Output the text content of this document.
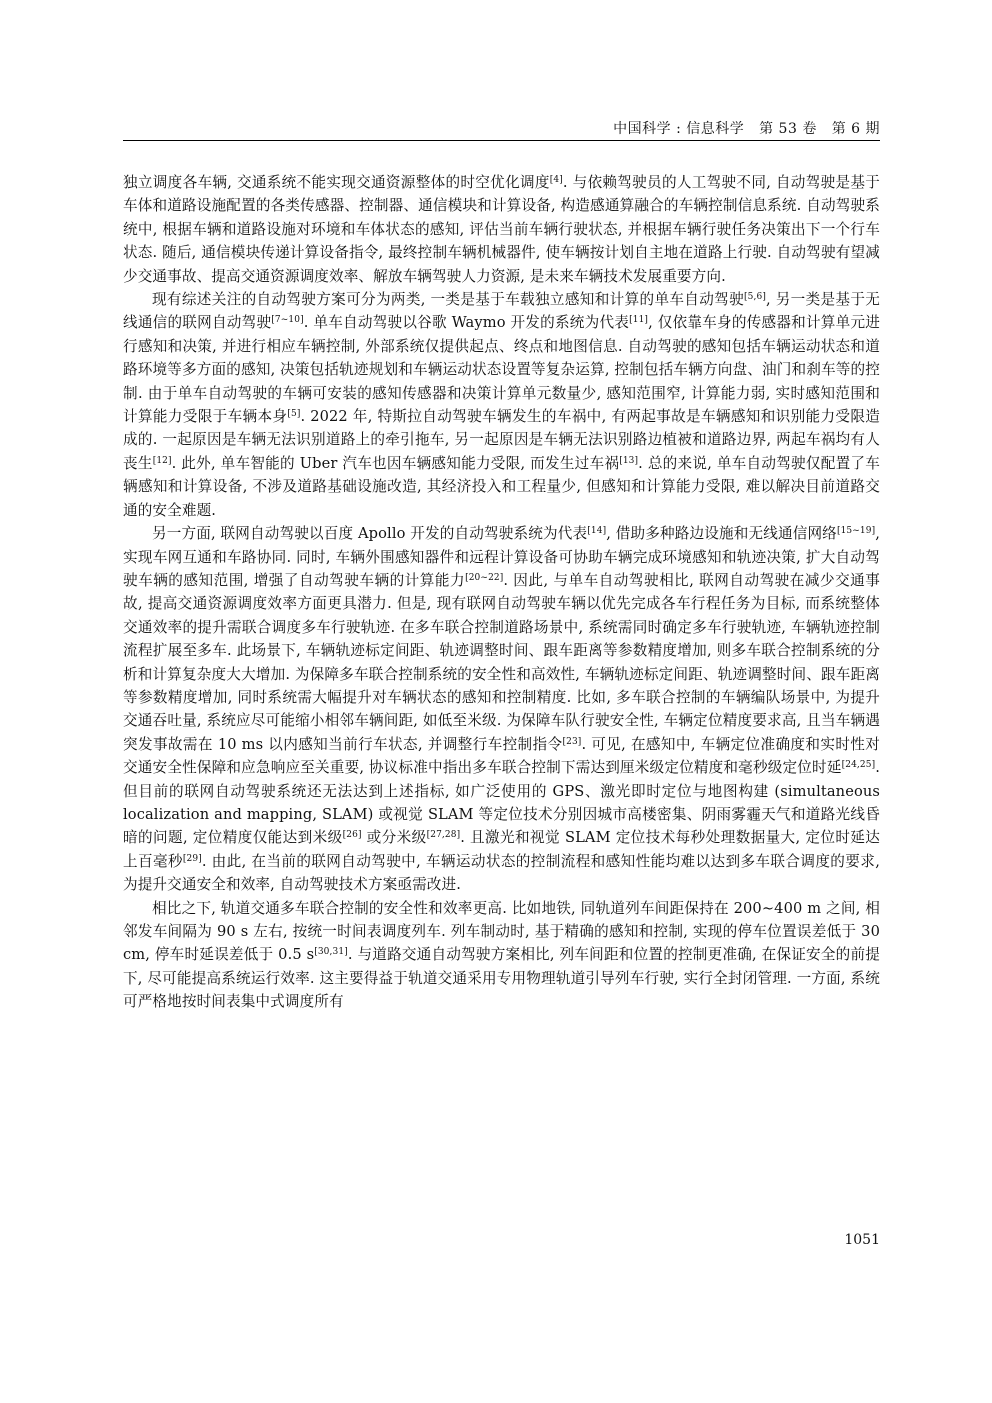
中国科学 : 信息科学 第 53 卷 第 6 期

独立调度各车辆, 交通系统不能实现交通资源整体的时空优化调度[4]. 与依赖驾驶员的人工驾驶不同, 自动驾驶是基于车体和道路设施配置的各类传感器、控制器、通信模块和计算设备, 构造感通算融合的车辆控制信息系统. 自动驾驶系统中, 根据车辆和道路设施对环境和车体状态的感知, 评估当前车辆行驶状态, 并根据车辆行驶任务决策出下一个行车状态. 随后, 通信模块传递计算设备指令, 最终控制车辆机械器件, 使车辆按计划自主地在道路上行驶. 自动驾驶有望减少交通事故、提高交通资源调度效率、解放车辆驾驶人力资源, 是未来车辆技术发展重要方向.

现有综述关注的自动驾驶方案可分为两类, 一类是基于车载独立感知和计算的单车自动驾驶[5,6], 另一类是基于无线通信的联网自动驾驶[7~10]. 单车自动驾驶以谷歌 Waymo 开发的系统为代表[11], 仅依靠车身的传感器和计算单元进行感知和决策, 并进行相应车辆控制, 外部系统仅提供起点、终点和地图信息. 自动驾驶的感知包括车辆运动状态和道路环境等多方面的感知, 决策包括轨迹规划和车辆运动状态设置等复杂运算, 控制包括车辆方向盘、油门和刹车等的控制. 由于单车自动驾驶的车辆可安装的感知传感器和决策计算单元数量少, 感知范围窄, 计算能力弱, 实时感知范围和计算能力受限于车辆本身[5]. 2022 年, 特斯拉自动驾驶车辆发生的车祸中, 有两起事故是车辆感知和识别能力受限造成的. 一起原因是车辆无法识别道路上的牵引拖车, 另一起原因是车辆无法识别路边植被和道路边界, 两起车祸均有人丧生[12]. 此外, 单车智能的 Uber 汽车也因车辆感知能力受限, 而发生过车祸[13]. 总的来说, 单车自动驾驶仅配置了车辆感知和计算设备, 不涉及道路基础设施改造, 其经济投入和工程量少, 但感知和计算能力受限, 难以解决目前道路交通的安全难题.

另一方面, 联网自动驾驶以百度 Apollo 开发的自动驾驶系统为代表[14], 借助多种路边设施和无线通信网络[15~19], 实现车网互通和车路协同. 同时, 车辆外围感知器件和远程计算设备可协助车辆完成环境感知和轨迹决策, 扩大自动驾驶车辆的感知范围, 增强了自动驾驶车辆的计算能力[20~22]. 因此, 与单车自动驾驶相比, 联网自动驾驶在减少交通事故, 提高交通资源调度效率方面更具潜力. 但是, 现有联网自动驾驶车辆以优先完成各车行程任务为目标, 而系统整体交通效率的提升需联合调度多车行驶轨迹. 在多车联合控制道路场景中, 系统需同时确定多车行驶轨迹, 车辆轨迹控制流程扩展至多车. 此场景下, 车辆轨迹标定间距、轨迹调整时间、跟车距离等参数精度增加, 则多车联合控制系统的分析和计算复杂度大大增加. 为保障多车联合控制系统的安全性和高效性, 车辆轨迹标定间距、轨迹调整时间、跟车距离等参数精度增加, 同时系统需大幅提升对车辆状态的感知和控制精度. 比如, 多车联合控制的车辆编队场景中, 为提升交通吞吐量, 系统应尽可能缩小相邻车辆间距, 如低至米级. 为保障车队行驶安全性, 车辆定位精度要求高, 且当车辆遇突发事故需在 10 ms 以内感知当前行车状态, 并调整行车控制指令[23]. 可见, 在感知中, 车辆定位准确度和实时性对交通安全性保障和应急响应至关重要, 协议标准中指出多车联合控制下需达到厘米级定位精度和毫秒级定位时延[24,25]. 但目前的联网自动驾驶系统还无法达到上述指标, 如广泛使用的 GPS、激光即时定位与地图构建 (simultaneous localization and mapping, SLAM) 或视觉 SLAM 等定位技术分别因城市高楼密集、阴雨雾霾天气和道路光线昏暗的问题, 定位精度仅能达到米级[26] 或分米级[27,28]. 且激光和视觉 SLAM 定位技术每秒处理数据量大, 定位时延达上百毫秒[29]. 由此, 在当前的联网自动驾驶中, 车辆运动状态的控制流程和感知性能均难以达到多车联合调度的要求, 为提升交通安全和效率, 自动驾驶技术方案亟需改进.

相比之下, 轨道交通多车联合控制的安全性和效率更高. 比如地铁, 同轨道列车间距保持在 200∼400 m 之间, 相邻发车间隔为 90 s 左右, 按统一时间表调度列车. 列车制动时, 基于精确的感知和控制, 实现的停车位置误差低于 30 cm, 停车时延误差低于 0.5 s[30,31]. 与道路交通自动驾驶方案相比, 列车间距和位置的控制更准确, 在保证安全的前提下, 尽可能提高系统运行效率. 这主要得益于轨道交通采用专用物理轨道引导列车行驶, 实行全封闭管理. 一方面, 系统可严格地按时间表集中式调度所有

1051
